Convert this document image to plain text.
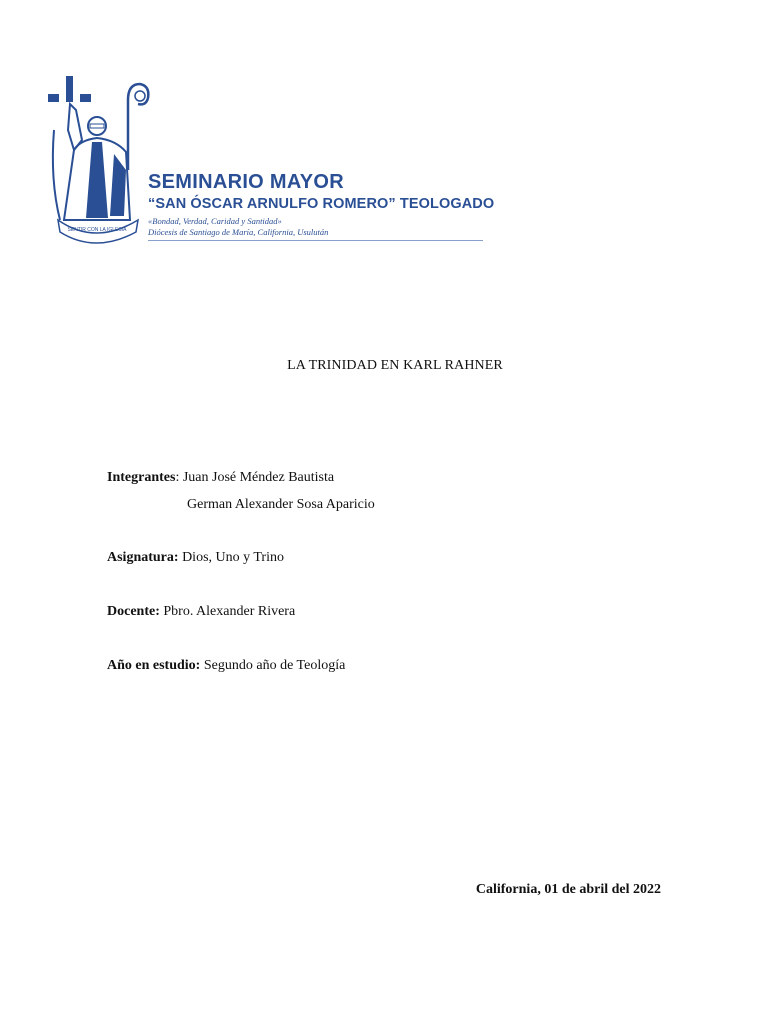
SENTIR CON LA IGLESIA
SEMINARIO MAYOR
“SAN ÓSCAR ARNULFO ROMERO” TEOLOGADO
«Bondad, Verdad, Caridad y Santidad»
Diócesis de Santiago de María, California, Usulután
LA TRINIDAD EN KARL RAHNER
Integrantes: Juan José Méndez Bautista
German Alexander Sosa Aparicio
Asignatura: Dios, Uno y Trino
Docente: Pbro. Alexander Rivera
Año en estudio: Segundo año de Teología
California, 01 de abril del 2022
